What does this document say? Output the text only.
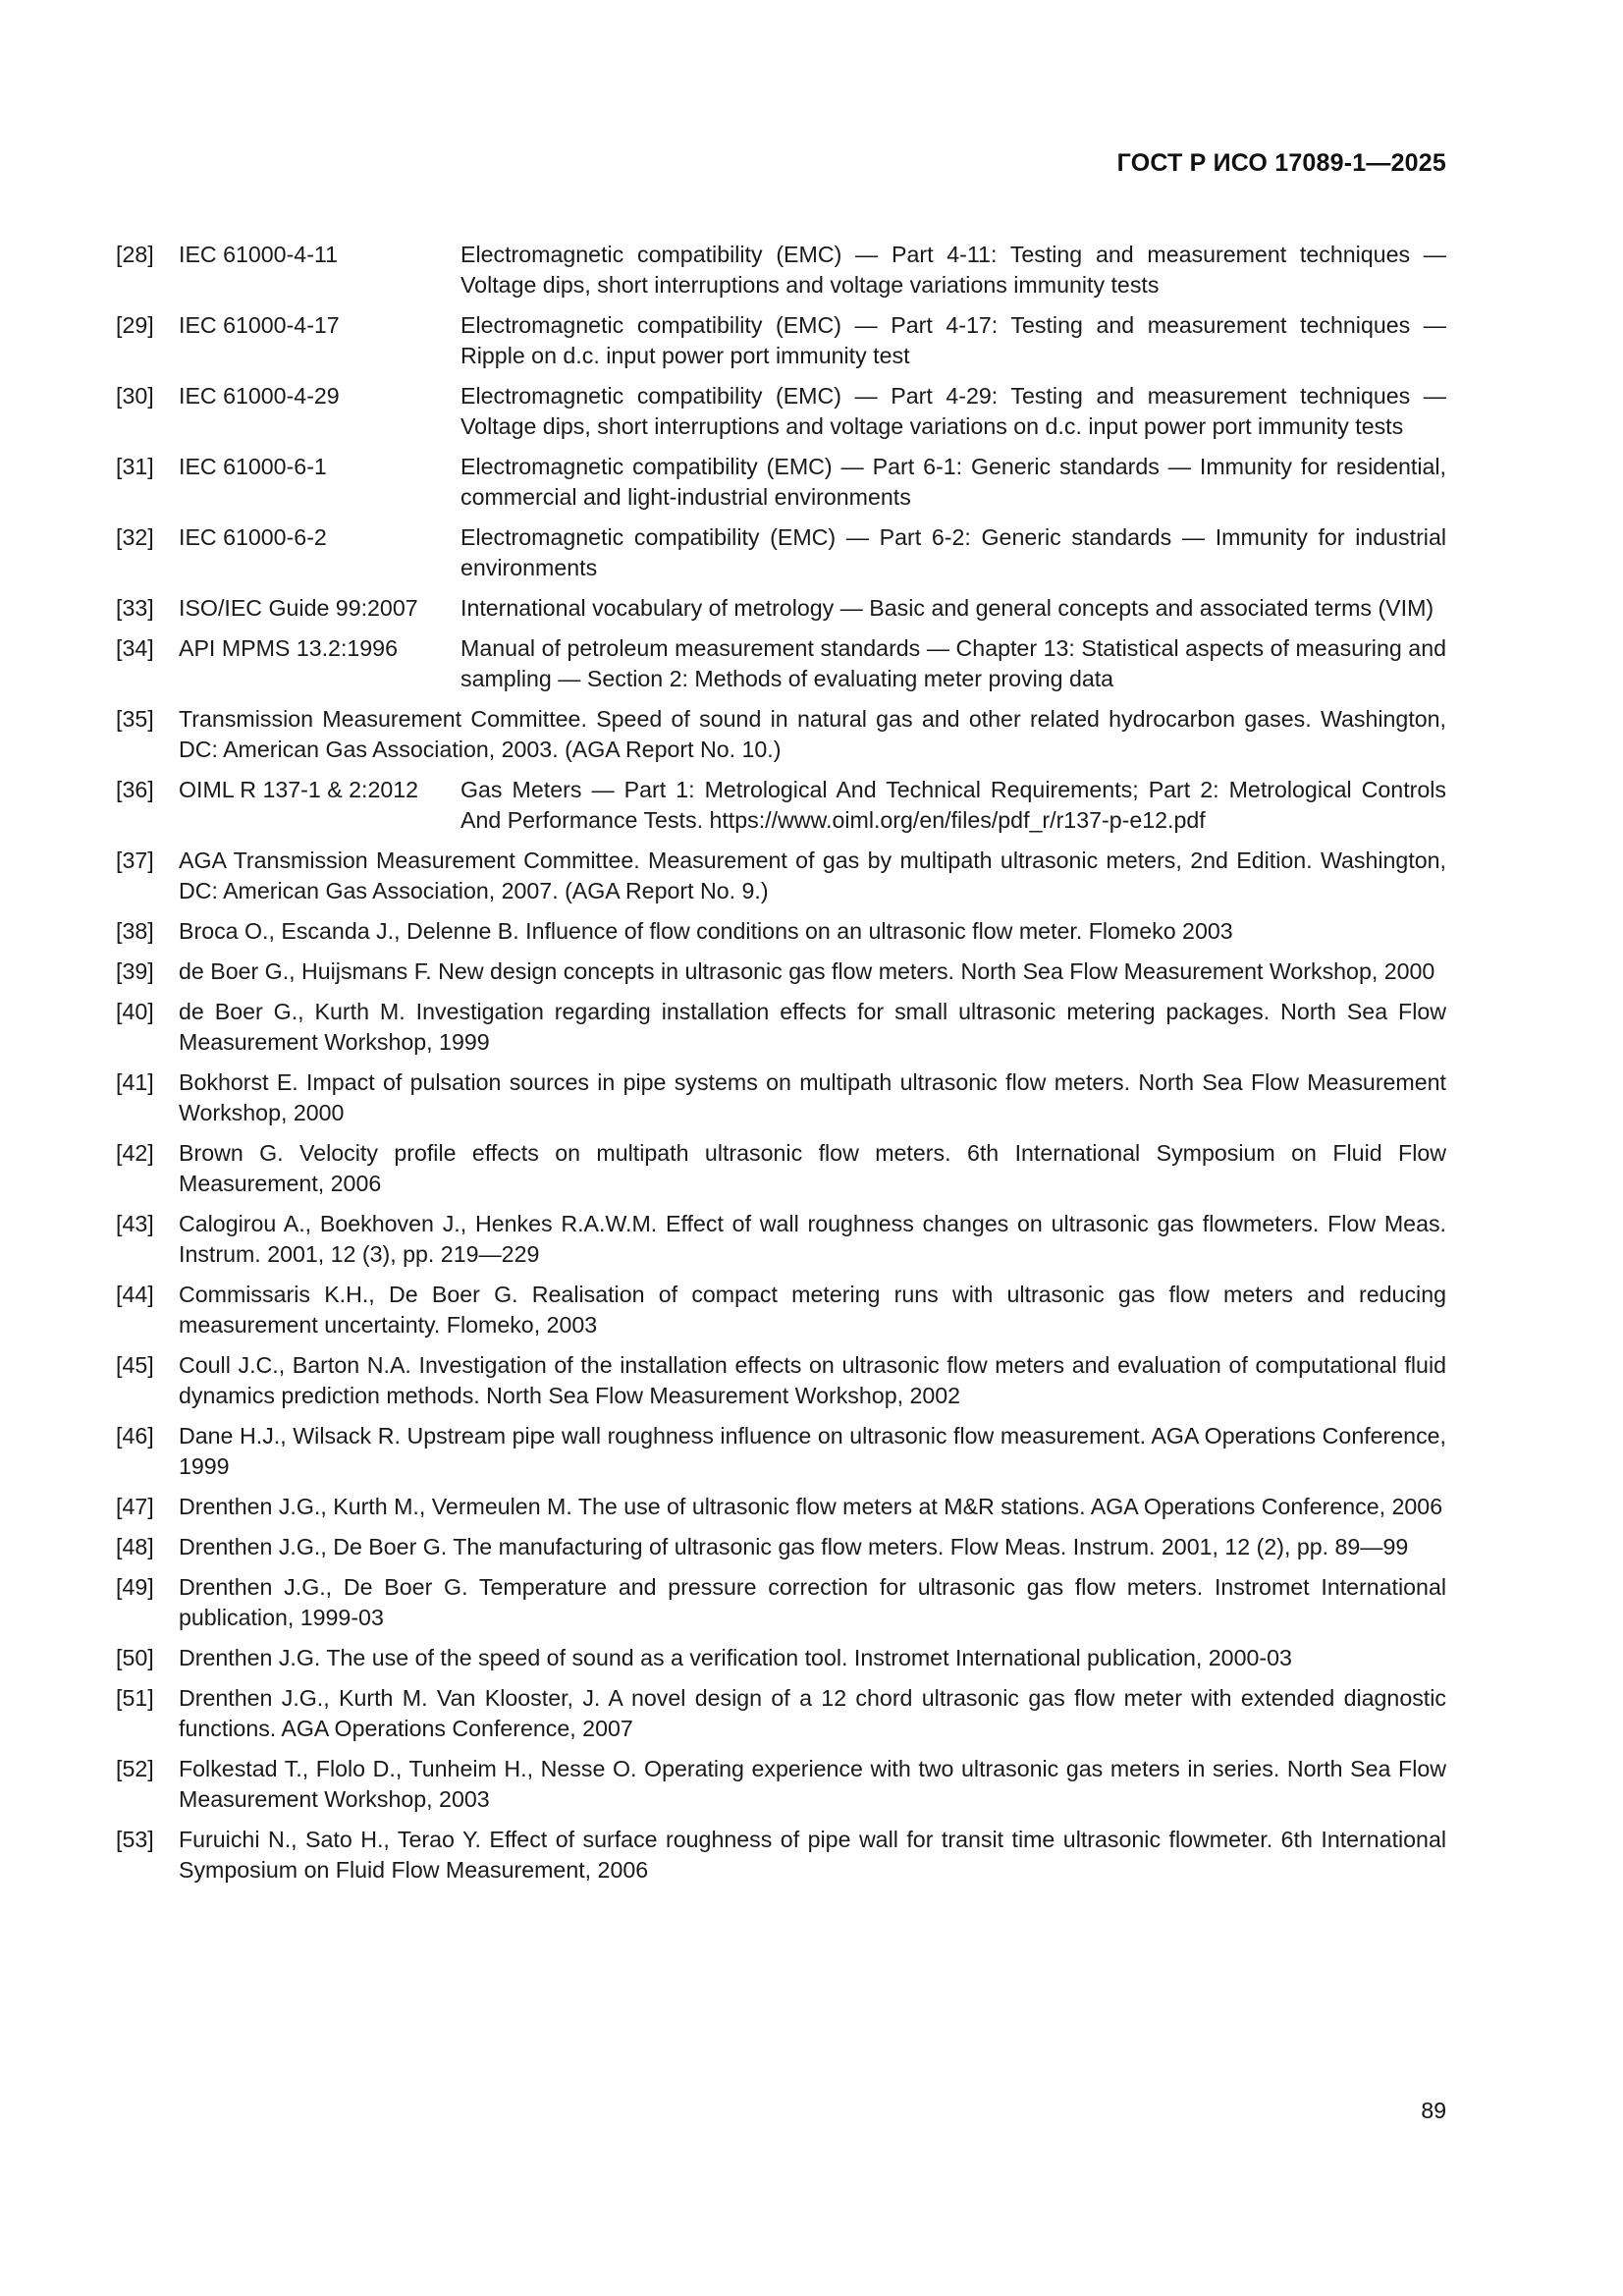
ГОСТ Р ИСО 17089-1—2025
[28]	IEC 61000-4-11	Electromagnetic compatibility (EMC) — Part 4-11: Testing and measurement techniques — Voltage dips, short interruptions and voltage variations immunity tests
[29]	IEC 61000-4-17	Electromagnetic compatibility (EMC) — Part 4-17: Testing and measurement techniques — Ripple on d.c. input power port immunity test
[30]	IEC 61000-4-29	Electromagnetic compatibility (EMC) — Part 4-29: Testing and measurement techniques — Voltage dips, short interruptions and voltage variations on d.c. input power port immunity tests
[31]	IEC 61000-6-1	Electromagnetic compatibility (EMC) — Part 6-1: Generic standards — Immunity for residential, commercial and light-industrial environments
[32]	IEC 61000-6-2	Electromagnetic compatibility (EMC) — Part 6-2: Generic standards — Immunity for industrial environments
[33]	ISO/IEC Guide 99:2007	International vocabulary of metrology — Basic and general concepts and associated terms (VIM)
[34]	API MPMS 13.2:1996	Manual of petroleum measurement standards — Chapter 13: Statistical aspects of measuring and sampling — Section 2: Methods of evaluating meter proving data
[35]	Transmission Measurement Committee. Speed of sound in natural gas and other related hydrocarbon gases. Washington, DC: American Gas Association, 2003. (AGA Report No. 10.)
[36]	OIML R 137-1 & 2:2012	Gas Meters — Part 1: Metrological And Technical Requirements; Part 2: Metrological Controls And Performance Tests. https://www.oiml.org/en/files/pdf_r/r137-p-e12.pdf
[37]	AGA Transmission Measurement Committee. Measurement of gas by multipath ultrasonic meters, 2nd Edition. Washington, DC: American Gas Association, 2007. (AGA Report No. 9.)
[38]	Broca O., Escanda J., Delenne B. Influence of flow conditions on an ultrasonic flow meter. Flomeko 2003
[39]	de Boer G., Huijsmans F. New design concepts in ultrasonic gas flow meters. North Sea Flow Measurement Workshop, 2000
[40]	de Boer G., Kurth M. Investigation regarding installation effects for small ultrasonic metering packages. North Sea Flow Measurement Workshop, 1999
[41]	Bokhorst E. Impact of pulsation sources in pipe systems on multipath ultrasonic flow meters. North Sea Flow Measurement Workshop, 2000
[42]	Brown G. Velocity profile effects on multipath ultrasonic flow meters. 6th International Symposium on Fluid Flow Measurement, 2006
[43]	Calogirou A., Boekhoven J., Henkes R.A.W.M. Effect of wall roughness changes on ultrasonic gas flowmeters. Flow Meas. Instrum. 2001, 12 (3), pp. 219—229
[44]	Commissaris K.H., De Boer G. Realisation of compact metering runs with ultrasonic gas flow meters and reducing measurement uncertainty. Flomeko, 2003
[45]	Coull J.C., Barton N.A. Investigation of the installation effects on ultrasonic flow meters and evaluation of computational fluid dynamics prediction methods. North Sea Flow Measurement Workshop, 2002
[46]	Dane H.J., Wilsack R. Upstream pipe wall roughness influence on ultrasonic flow measurement. AGA Operations Conference, 1999
[47]	Drenthen J.G., Kurth M., Vermeulen M. The use of ultrasonic flow meters at M&R stations. AGA Operations Conference, 2006
[48]	Drenthen J.G., De Boer G. The manufacturing of ultrasonic gas flow meters. Flow Meas. Instrum. 2001, 12 (2), pp. 89—99
[49]	Drenthen J.G., De Boer G. Temperature and pressure correction for ultrasonic gas flow meters. Instromet International publication, 1999-03
[50]	Drenthen J.G. The use of the speed of sound as a verification tool. Instromet International publication, 2000-03
[51]	Drenthen J.G., Kurth M. Van Klooster, J. A novel design of a 12 chord ultrasonic gas flow meter with extended diagnostic functions. AGA Operations Conference, 2007
[52]	Folkestad T., Flolo D., Tunheim H., Nesse O. Operating experience with two ultrasonic gas meters in series. North Sea Flow Measurement Workshop, 2003
[53]	Furuichi N., Sato H., Terao Y. Effect of surface roughness of pipe wall for transit time ultrasonic flowmeter. 6th International Symposium on Fluid Flow Measurement, 2006
89
